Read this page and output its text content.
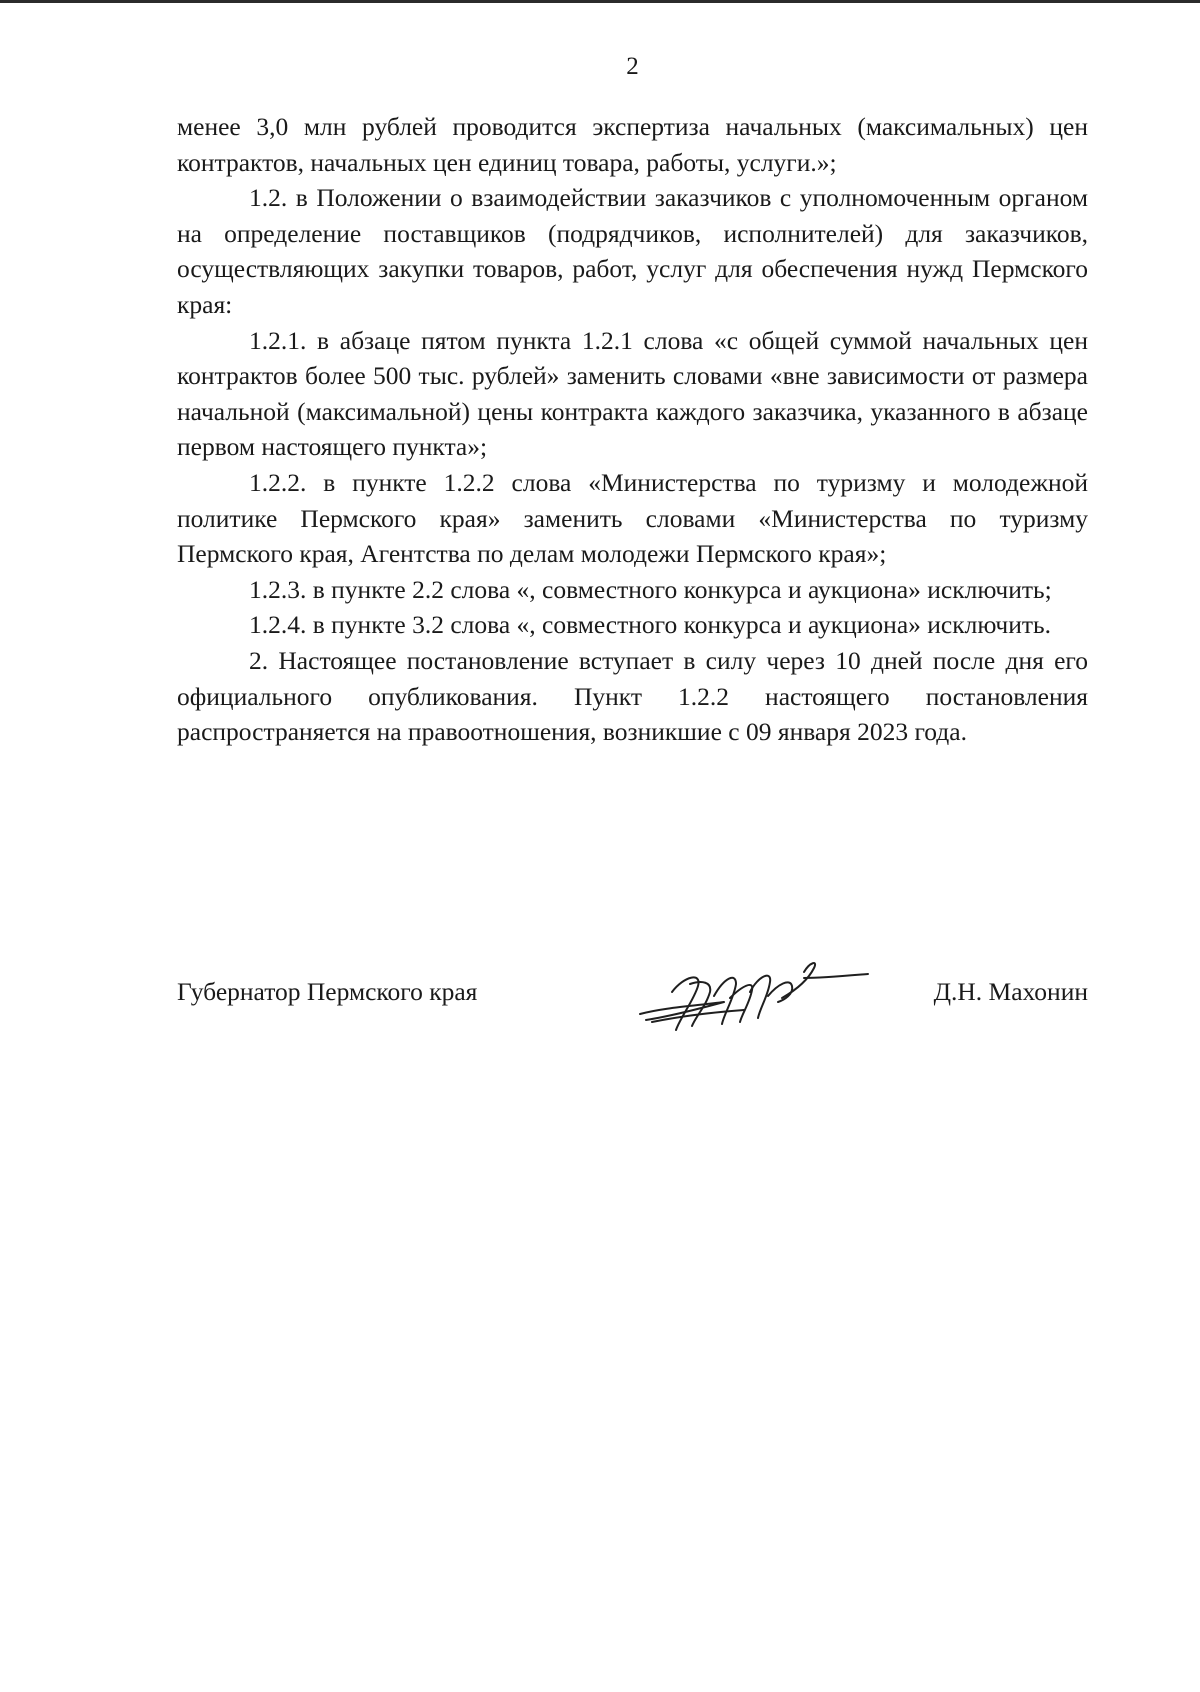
2

менее 3,0 млн рублей проводится экспертиза начальных (максимальных) цен контрактов, начальных цен единиц товара, работы, услуги.»;

1.2. в Положении о взаимодействии заказчиков с уполномоченным органом на определение поставщиков (подрядчиков, исполнителей) для заказчиков, осуществляющих закупки товаров, работ, услуг для обеспечения нужд Пермского края:

1.2.1. в абзаце пятом пункта 1.2.1 слова «с общей суммой начальных цен контрактов более 500 тыс. рублей» заменить словами «вне зависимости от размера начальной (максимальной) цены контракта каждого заказчика, указанного в абзаце первом настоящего пункта»;

1.2.2. в пункте 1.2.2 слова «Министерства по туризму и молодежной политике Пермского края» заменить словами «Министерства по туризму Пермского края, Агентства по делам молодежи Пермского края»;

1.2.3. в пункте 2.2 слова «, совместного конкурса и аукциона» исключить;

1.2.4. в пункте 3.2 слова «, совместного конкурса и аукциона» исключить.

2. Настоящее постановление вступает в силу через 10 дней после дня его официального опубликования. Пункт 1.2.2 настоящего постановления распространяется на правоотношения, возникшие с 09 января 2023 года.

Губернатор Пермского края	Д.Н. Махонин
